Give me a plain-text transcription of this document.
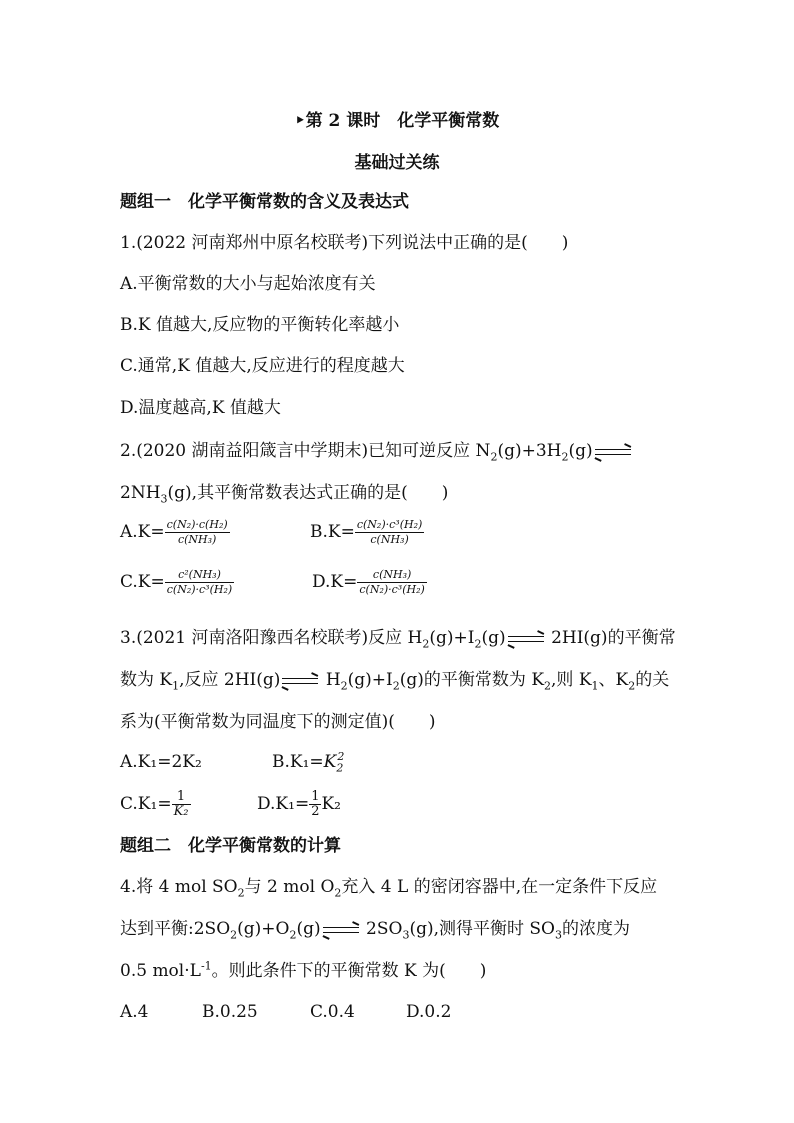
‣第 2 课时　化学平衡常数
基础过关练
题组一　化学平衡常数的含义及表达式
1.(2022 河南郑州中原名校联考)下列说法中正确的是(　　)
A.平衡常数的大小与起始浓度有关
B.K 值越大,反应物的平衡转化率越小
C.通常,K 值越大,反应进行的程度越大
D.温度越高,K 值越大
2.(2020 湖南益阳箴言中学期末)已知可逆反应 $N_2(g)+3H_2(g)$
$2NH_3(g)$,其平衡常数表达式正确的是(　　)
$A.K= \frac{\text{c(N₂)·c(H₂)}}{\text{c(NH₃)}}$	$B.K= \frac{\text{c(N₂)·c³(H₂)}}{\text{c(NH₃)}}$
$C.K= \frac{\text{c²(NH₃)}}{\text{c(N₂)·c³(H₂)}}$	$D.K= \frac{\text{c(NH₃)}}{\text{c(N₂)·c³(H₂)}}$
3.(2021 河南洛阳豫西名校联考)反应 $H_2(g)+I_2(g)$	2HI(g)的平衡常
数为 $K_1$,反应 2HI(g)	$H_2(g)+I_2(g)$的平衡常数为 $K_2$,则 $K_1$、$K_2$的关
系为(平衡常数为同温度下的测定值)(　　)
A.K₁=2K₂	$B.K_1=K_2^2$
$C.K_1= \frac{1}{\text{K₂}}$	$D.K_1= \frac{1}{2} K_2$
题组二　化学平衡常数的计算
4.将 4 mol $SO_2$与 2 mol $O_2$充入 4 L 的密闭容器中,在一定条件下反应
达到平衡$:2SO_2(g)+O_2(g)$	$2SO_3(g)$,测得平衡时 $SO_3$的浓度为
0.5 $mol\cdot L^{-1}$。则此条件下的平衡常数 K 为(　　)
A.4	B.0.25	C.0.4	D.0.2
